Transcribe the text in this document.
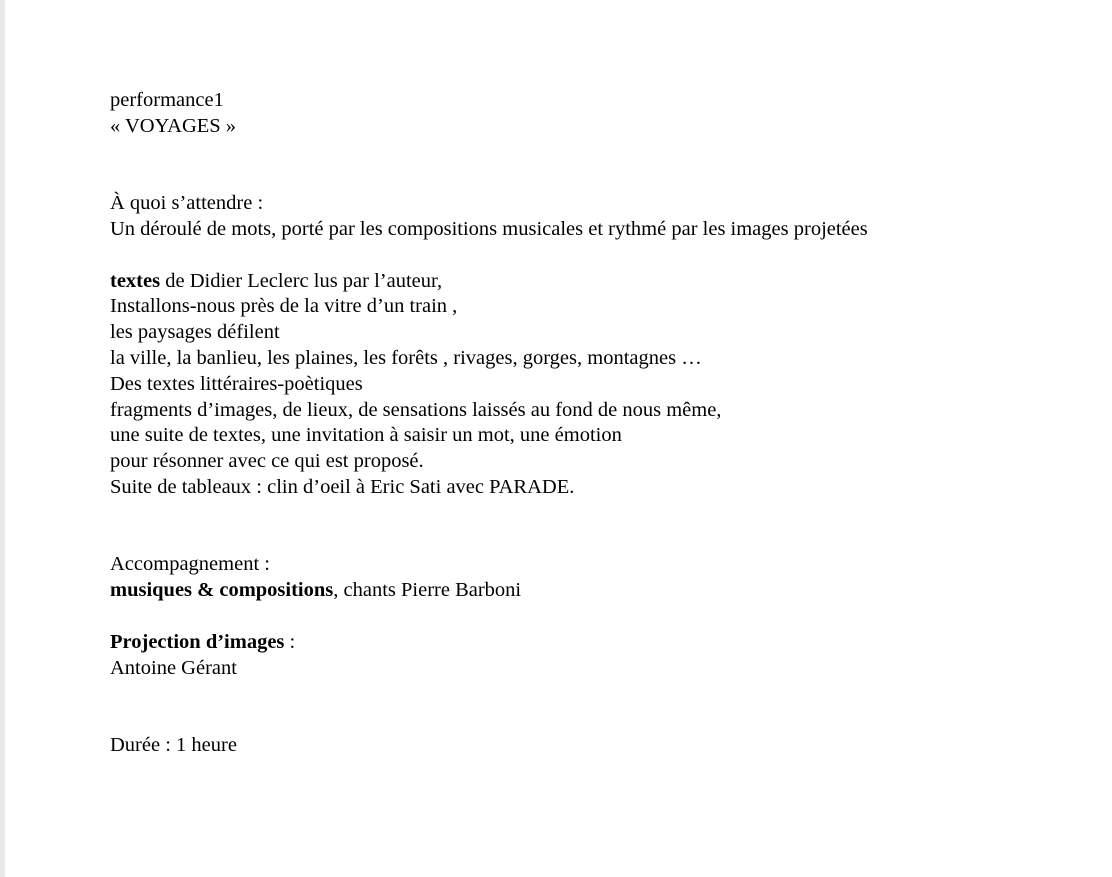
performance1
« VOYAGES »
À quoi s’attendre :
Un déroulé de mots, porté par les compositions musicales et rythmé par les images projetées
textes de Didier Leclerc lus par l’auteur,
Installons-nous près de la vitre d’un train ,
les paysages défilent
la ville, la banlieu, les plaines, les forêts , rivages, gorges, montagnes …
Des textes littéraires-poètiques
fragments d’images, de lieux, de sensations laissés au fond de nous même,
une suite de textes, une invitation à saisir un mot, une émotion
pour résonner avec ce qui est proposé.
Suite de tableaux : clin d’oeil à Eric Sati avec PARADE.
Accompagnement :
musiques & compositions, chants Pierre Barboni
Projection d’images :
Antoine Gérant
Durée : 1 heure
